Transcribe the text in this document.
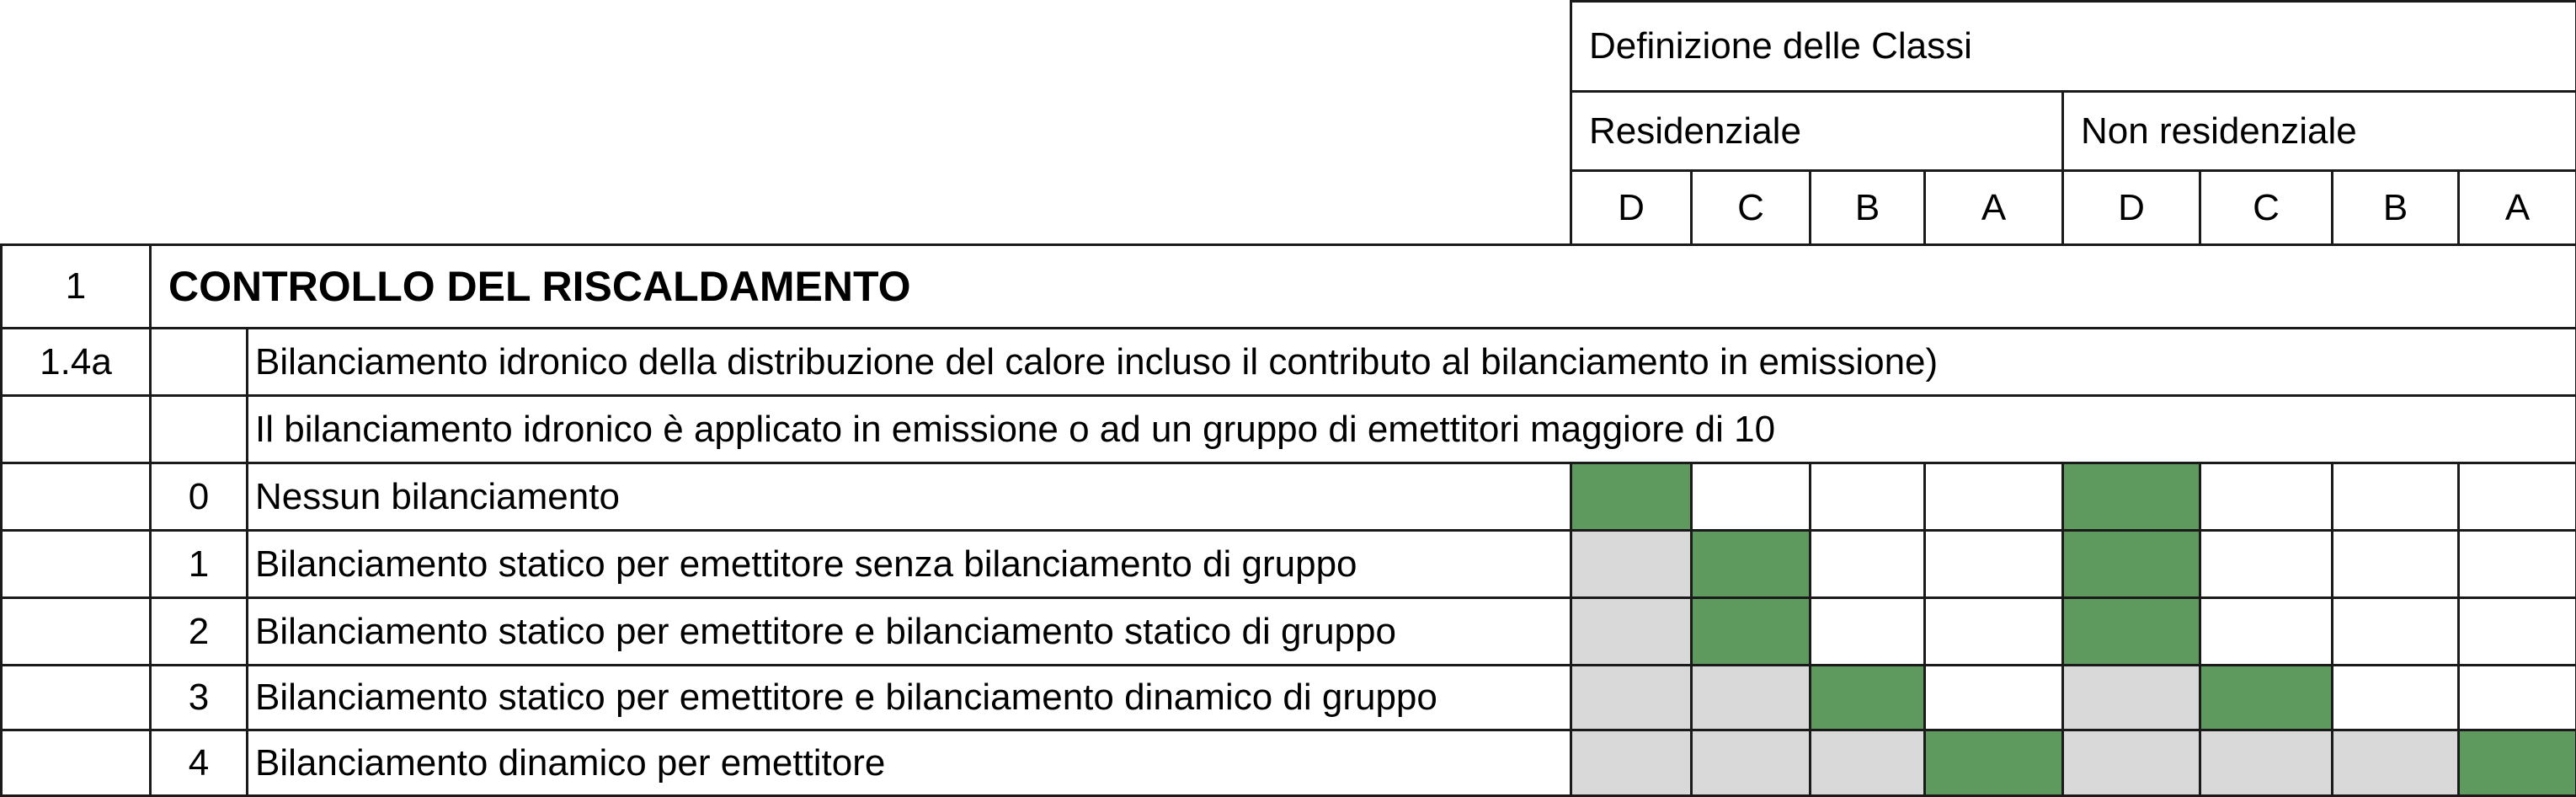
			Definizione delle Classi							
			Residenziale				Non residenziale			
			D	C	B	A	D	C	B	A
1	CONTROLLO DEL RISCALDAMENTO									
1.4a		Bilanciamento idronico della distribuzione del calore incluso il contributo al bilanciamento in emissione)								
		Il bilanciamento idronico è applicato in emissione o ad un gruppo di emettitori maggiore di 10								
	0	Nessun bilanciamento								
	1	Bilanciamento statico per emettitore senza bilanciamento di gruppo								
	2	Bilanciamento statico per emettitore e bilanciamento statico di gruppo								
	3	Bilanciamento statico per emettitore e bilanciamento dinamico di gruppo								
	4	Bilanciamento dinamico per emettitore								
